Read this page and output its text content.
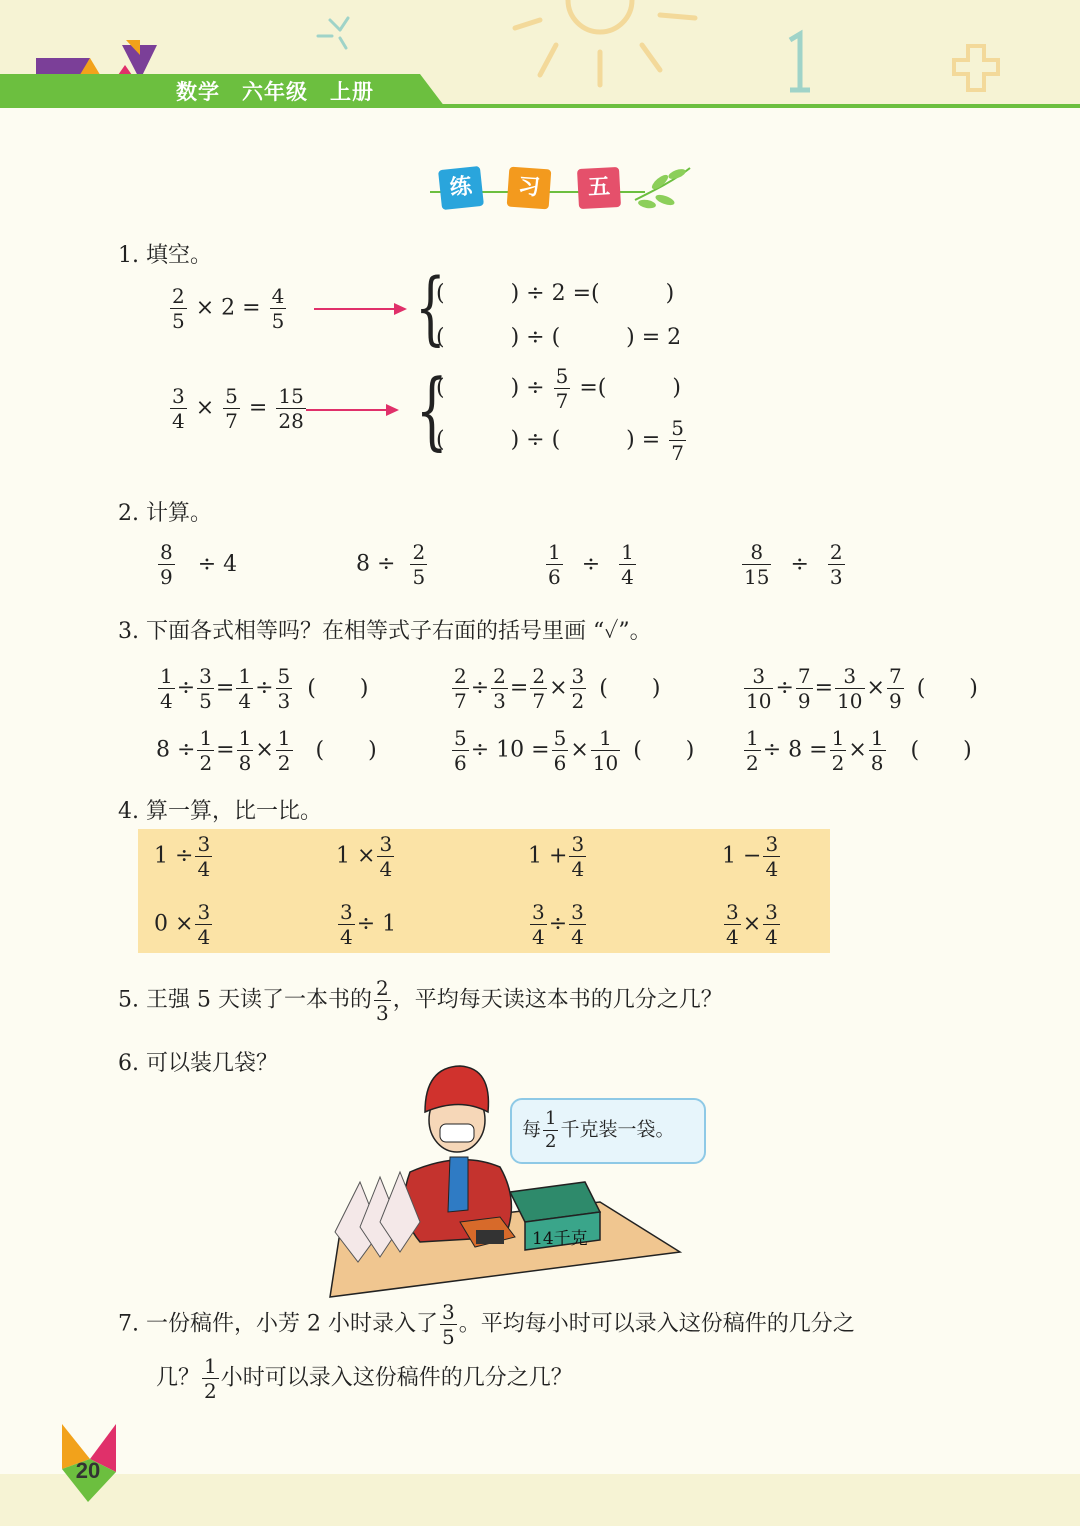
数学　六年级　上册
练	习	五
1. 填空。
$\frac{2}{5} \times 2 = \frac{4}{5}$ {
(　　　) ÷ 2 =(　　　)
(　　　) ÷ (　　　) = 2
$\frac{3}{4} \times \frac{5}{7} = \frac{15}{28}$ {
(　　　) ÷ $\frac{5}{7}$ =(　　　)
(　　　) ÷ (　　　) = $\frac{5}{7}$
2. 计算。
$\frac{8}{9} \div 4$	$8 \div \frac{2}{5}$	$\frac{1}{6} \div \frac{1}{4}$	$\frac{8}{15} \div \frac{2}{3}$
3. 下面各式相等吗？在相等式子右面的括号里画 “✓”。
$\frac{1}{4} \div \frac{3}{5} = \frac{1}{4} \div \frac{5}{3}$ (　　)	$\frac{2}{7} \div \frac{2}{3} = \frac{2}{7} \times \frac{3}{2}$ (　　)	$\frac{3}{10} \div \frac{7}{9} = \frac{3}{10} \times \frac{7}{9}$ (　　)
$8 \div \frac{1}{2} = \frac{1}{8} \times \frac{1}{2}$ (　　)	$\frac{5}{6} \div 10 = \frac{5}{6} \times \frac{1}{10}$ (　　) $\frac{1}{2} \div 8 = \frac{1}{2} \times \frac{1}{8}$ (　　)
4. 算一算，比一比。
$1 \div \frac{3}{4}$	$1 \times \frac{3}{4}$	$1 + \frac{3}{4}$	$1 - \frac{3}{4}$
$0 \times \frac{3}{4}$	$\frac{3}{4} \div 1$	$\frac{3}{4} \div \frac{3}{4}$	$\frac{3}{4} \times \frac{3}{4}$
5. 王强 5 天读了一本书的 $\frac{2}{3}$ ，平均每天读这本书的几分之几？
6. 可以装几袋？
14千克
每 $\frac{1}{2}$ 千克装一袋。
7. 一份稿件，小芳 2 小时录入了 $\frac{3}{5}$ 。平均每小时可以录入这份稿件的几分之
几？ $\frac{1}{2}$ 小时可以录入这份稿件的几分之几？
20
